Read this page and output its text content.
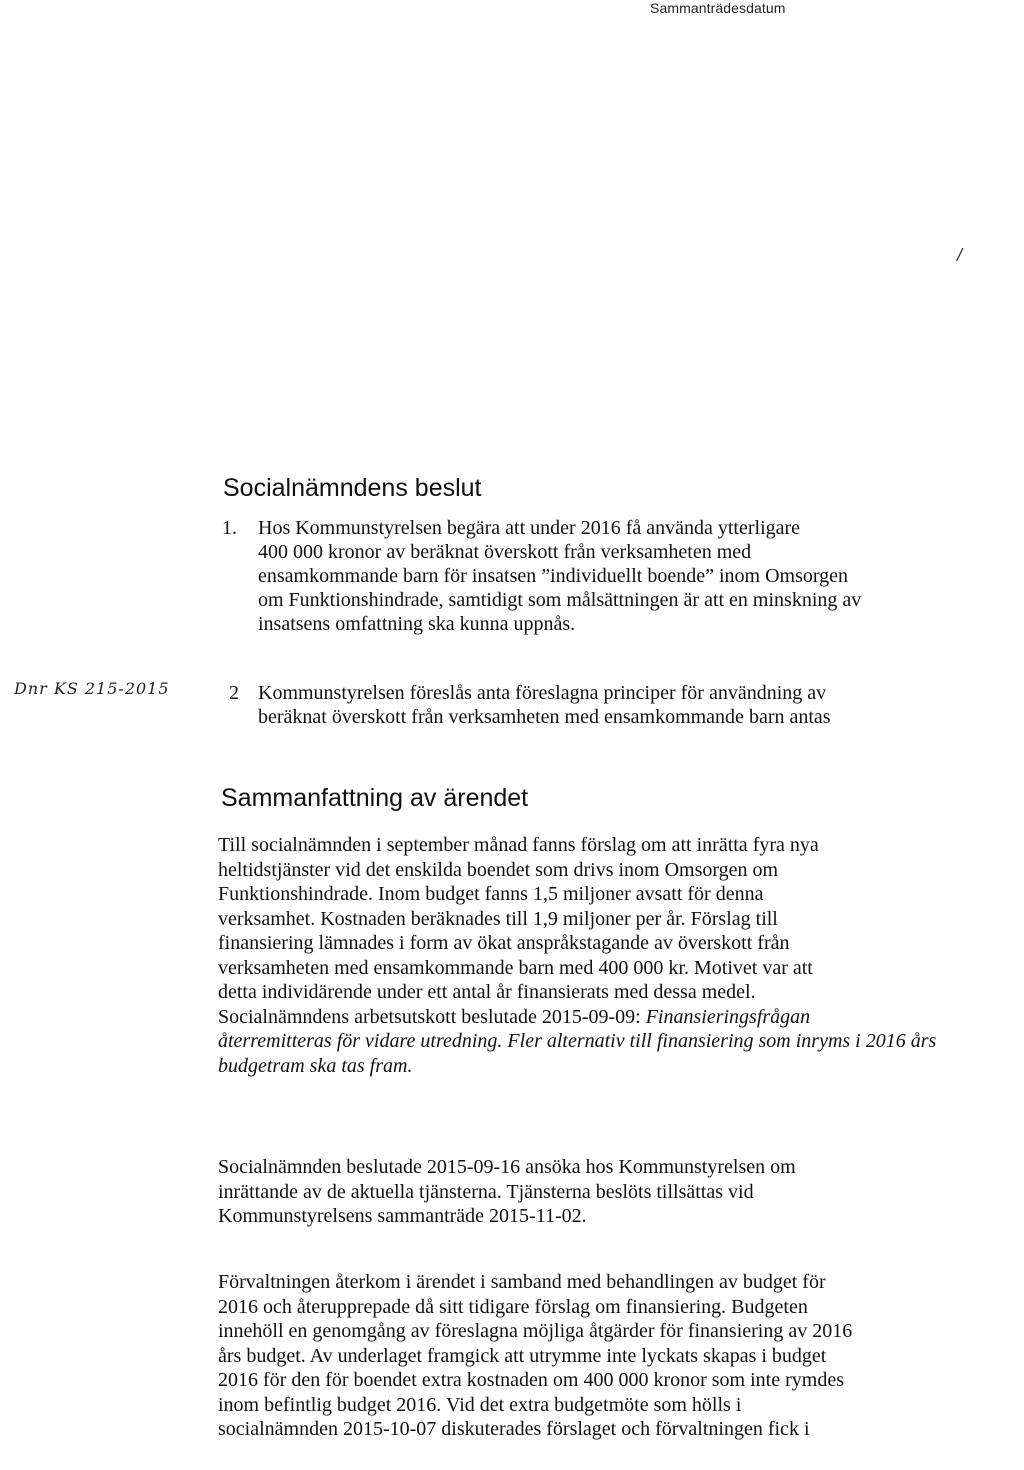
Sammanträdesdatum
/
Socialnämndens beslut
1. Hos Kommunstyrelsen begära att under 2016 få använda ytterligare
400 000 kronor av beräknat överskott från verksamheten med
ensamkommande barn för insatsen ”individuellt boende” inom Omsorgen
om Funktionshindrade, samtidigt som målsättningen är att en minskning av
insatsens omfattning ska kunna uppnås.
Dnr KS 215-2015	2 Kommunstyrelsen föreslås anta föreslagna principer för användning av
beräknat överskott från verksamheten med ensamkommande barn antas
Sammanfattning av ärendet
Till socialnämnden i september månad fanns förslag om att inrätta fyra nya
heltidstjänster vid det enskilda boendet som drivs inom Omsorgen om
Funktionshindrade. Inom budget fanns 1,5 miljoner avsatt för denna
verksamhet. Kostnaden beräknades till 1,9 miljoner per år. Förslag till
finansiering lämnades i form av ökat anspråkstagande av överskott från
verksamheten med ensamkommande barn med 400 000 kr. Motivet var att
detta individärende under ett antal år finansierats med dessa medel.
Socialnämndens arbetsutskott beslutade 2015-09-09: Finansieringsfrågan
återremitteras för vidare utredning. Fler alternativ till finansiering som inryms i 2016 års
budgetram ska tas fram.
Socialnämnden beslutade 2015-09-16 ansöka hos Kommunstyrelsen om
inrättande av de aktuella tjänsterna. Tjänsterna beslöts tillsättas vid
Kommunstyrelsens sammanträde 2015-11-02.
Förvaltningen återkom i ärendet i samband med behandlingen av budget för
2016 och återupprepade då sitt tidigare förslag om finansiering. Budgeten
innehöll en genomgång av föreslagna möjliga åtgärder för finansiering av 2016
års budget. Av underlaget framgick att utrymme inte lyckats skapas i budget
2016 för den för boendet extra kostnaden om 400 000 kronor som inte rymdes
inom befintlig budget 2016. Vid det extra budgetmöte som hölls i
socialnämnden 2015-10-07 diskuterades förslaget och förvaltningen fick i
